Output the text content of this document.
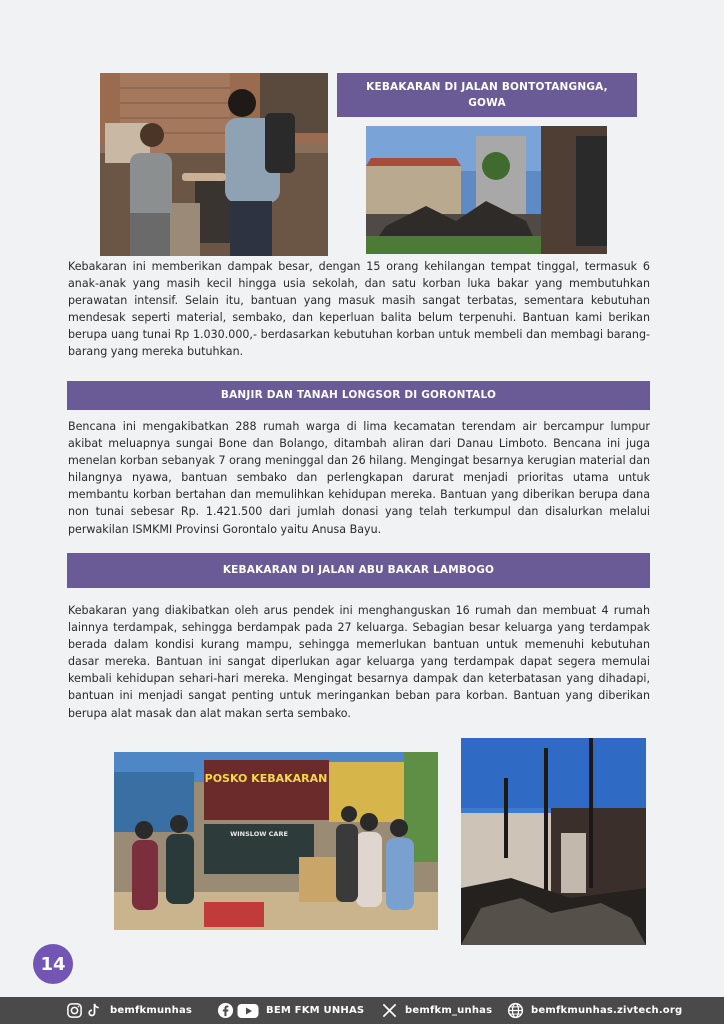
KEBAKARAN DI JALAN BONTOTANGNGA, GOWA

Kebakaran ini memberikan dampak besar, dengan 15 orang kehilangan tempat tinggal, termasuk 6 anak-anak yang masih kecil hingga usia sekolah, dan satu korban luka bakar yang membutuhkan perawatan intensif. Selain itu, bantuan yang masuk masih sangat terbatas, sementara kebutuhan mendesak seperti material, sembako, dan keperluan balita belum terpenuhi. Bantuan kami berikan berupa uang tunai Rp 1.030.000,- berdasarkan kebutuhan korban untuk membeli dan membagi barang-barang yang mereka butuhkan.

BANJIR DAN TANAH LONGSOR DI GORONTALO

Bencana ini mengakibatkan 288 rumah warga di lima kecamatan terendam air bercampur lumpur akibat meluapnya sungai Bone dan Bolango, ditambah aliran dari Danau Limboto. Bencana ini juga menelan korban sebanyak 7 orang meninggal dan 26 hilang. Mengingat besarnya kerugian material dan hilangnya nyawa, bantuan sembako dan perlengkapan darurat menjadi prioritas utama untuk membantu korban bertahan dan memulihkan kehidupan mereka. Bantuan yang diberikan berupa dana non tunai sebesar Rp. 1.421.500 dari jumlah donasi yang telah terkumpul dan disalurkan melalui perwakilan ISMKMI Provinsi Gorontalo yaitu Anusa Bayu.

KEBAKARAN DI JALAN ABU BAKAR LAMBOGO

Kebakaran yang diakibatkan oleh arus pendek ini menghanguskan 16 rumah dan membuat 4 rumah lainnya terdampak, sehingga berdampak pada 27 keluarga. Sebagian besar keluarga yang terdampak berada dalam kondisi kurang mampu, sehingga memerlukan bantuan untuk memenuhi kebutuhan dasar mereka. Bantuan ini sangat diperlukan agar keluarga yang terdampak dapat segera memulai kembali kehidupan sehari-hari mereka. Mengingat besarnya dampak dan keterbatasan yang dihadapi, bantuan ini menjadi sangat penting untuk meringankan beban para korban. Bantuan yang diberikan berupa alat masak dan alat makan serta sembako.

POSKO KEBAKARAN
WINSLOW CARE
14
bemfkmunhas	BEM FKM UNHAS	bemfkm_unhas	bemfkmunhas.zivtech.org
